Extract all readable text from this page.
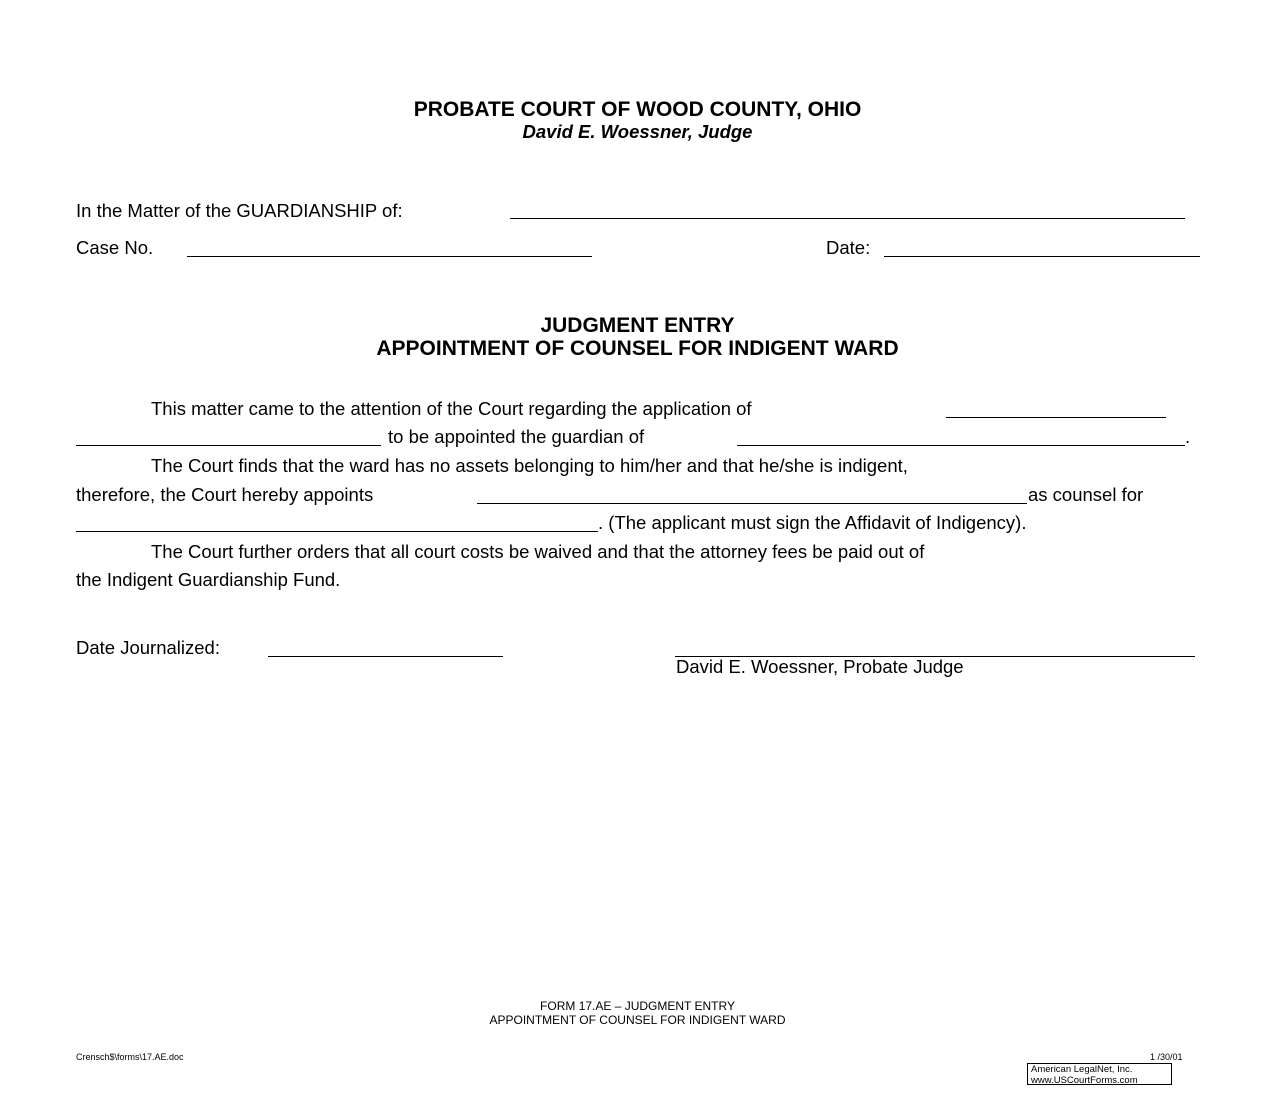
PROBATE COURT OF WOOD COUNTY, OHIO
David E. Woessner, Judge
In the Matter of the GUARDIANSHIP of:
Case No.	Date:
JUDGMENT ENTRY
APPOINTMENT OF COUNSEL FOR INDIGENT WARD
This matter came to the attention of the Court regarding the application of
to be appointed the guardian of	.
The Court finds that the ward has no assets belonging to him/her and that he/she is indigent,
therefore, the Court hereby appoints	as counsel for
. (The applicant must sign the Affidavit of Indigency).
The Court further orders that all court costs be waived and that the attorney fees be paid out of
the Indigent Guardianship Fund.
Date Journalized:
David E. Woessner, Probate Judge
FORM 17.AE – JUDGMENT ENTRY
APPOINTMENT OF COUNSEL FOR INDIGENT WARD
Crensch$\forms\17.AE.doc	1 /30/01
American LegalNet, Inc.
www.USCourtForms.com
